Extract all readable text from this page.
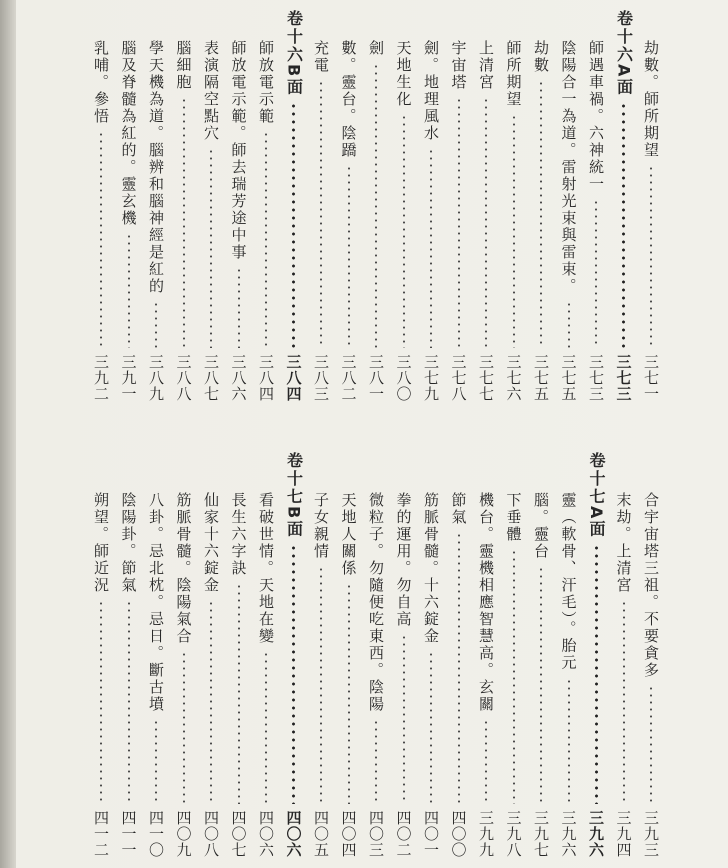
劫數。師所期望
三七一
卷十六A面
三七三
師遇車禍。六神統一
三七三
陰陽合一為道。雷射光束與雷束。
三七五
劫數
三七五
師所期望
三七六
上清宮
三七七
宇宙塔
三七八
劍。地理風水
三七九
天地生化
三八〇
劍
三八一
數。靈台。陰蹻
三八二
充電
三八三
卷十六B面
三八四
師放電示範
三八四
師放電示範。師去瑞芳途中事
三八六
表演隔空點穴
三八七
腦細胞
三八八
學天機為道。腦辨和腦神經是紅的
三八九
腦及脊髓為紅的。靈玄機
三九一
乳哺。參悟
三九二
合宇宙塔三祖。不要貪多
三九三
末劫。上清宮
三九四
卷十七A面
三九六
靈（軟骨、汗毛）。胎元
三九六
腦。靈台
三九七
下垂體
三九八
機台。靈機相應智慧高。玄關
三九九
節氣
四〇〇
筋脈骨髓。十六錠金
四〇一
拳的運用。勿自高
四〇二
微粒子。勿隨便吃東西。陰陽
四〇三
天地人關係
四〇四
子女親情
四〇五
卷十七B面
四〇六
看破世情。天地在變
四〇六
長生六字訣
四〇七
仙家十六錠金
四〇八
筋脈骨髓。陰陽氣合
四〇九
八卦。忌北枕。忌日。斷古墳
四一〇
陰陽卦。節氣
四一一
朔望。師近況
四一二
